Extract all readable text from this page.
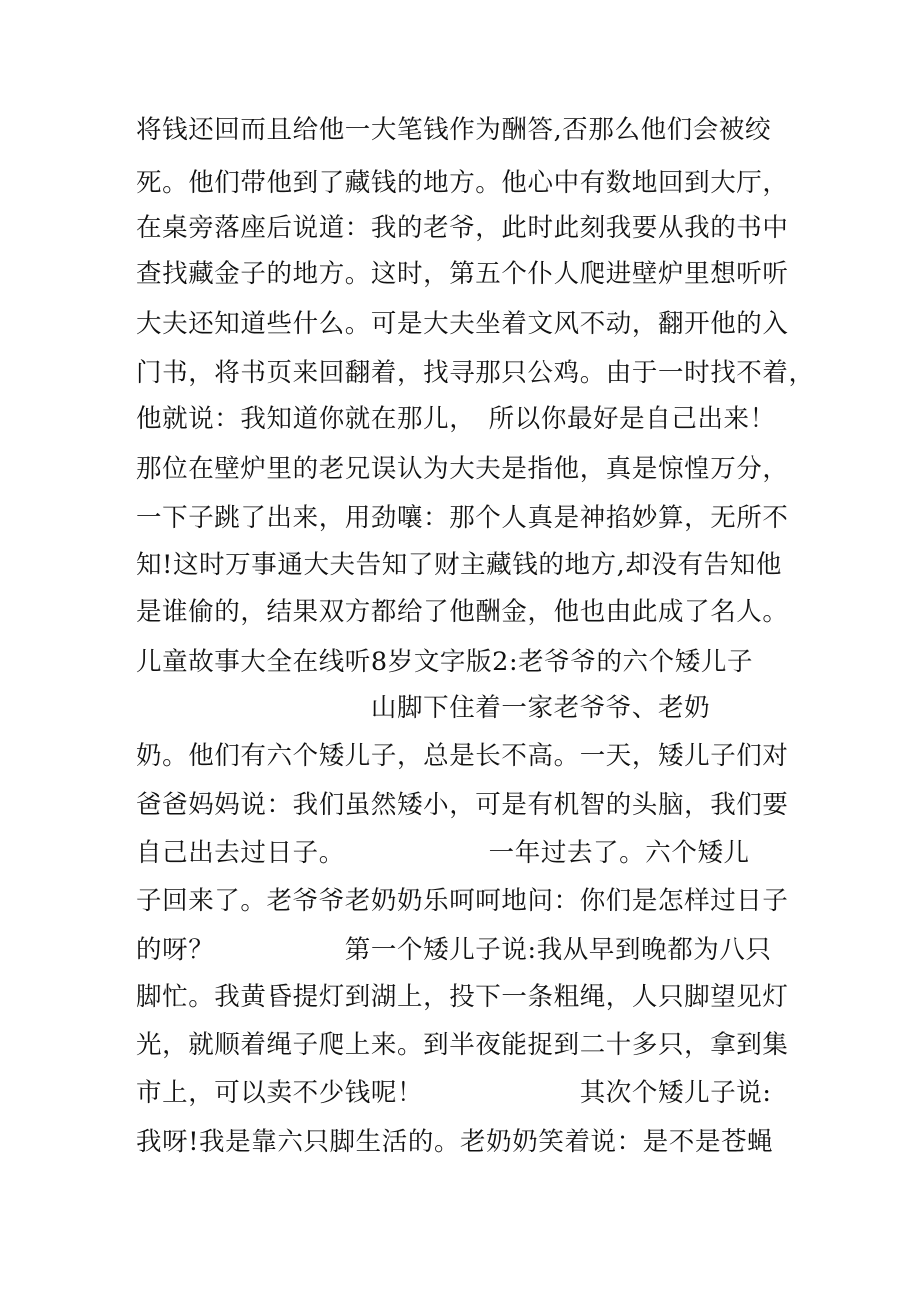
将钱还回而且给他一大笔钱作为酬答,否那么他们会被绞
死。他们带他到了藏钱的地方。他心中有数地回到大厅，
在桌旁落座后说道：我的老爷，此时此刻我要从我的书中
查找藏金子的地方。这时，第五个仆人爬进壁炉里想听听
大夫还知道些什么。可是大夫坐着文风不动，翻开他的入
门书，将书页来回翻着，找寻那只公鸡。由于一时找不着，
他就说：我知道你就在那儿，　所以你最好是自己出来！
那位在壁炉里的老兄误认为大夫是指他，真是惊惶万分，
一下子跳了出来，用劲嚷：那个人真是神掐妙算，无所不
知!这时万事通大夫告知了财主藏钱的地方,却没有告知他
是谁偷的，结果双方都给了他酬金，他也由此成了名人。
儿童故事大全在线听8岁文字版2:老爷爷的六个矮儿子
　　　　　　　　　山脚下住着一家老爷爷、老奶
奶。他们有六个矮儿子，总是长不高。一天，矮儿子们对
爸爸妈妈说：我们虽然矮小，可是有机智的头脑，我们要
自己出去过日子。　　　　　　一年过去了。六个矮儿
子回来了。老爷爷老奶奶乐呵呵地问：你们是怎样过日子
的呀？　　　　　第一个矮儿子说:我从早到晚都为八只
脚忙。我黄昏提灯到湖上，投下一条粗绳，人只脚望见灯
光，就顺着绳子爬上来。到半夜能捉到二十多只，拿到集
市上，可以卖不少钱呢！　　　　　　其次个矮儿子说:
我呀!我是靠六只脚生活的。老奶奶笑着说：是不是苍蝇
